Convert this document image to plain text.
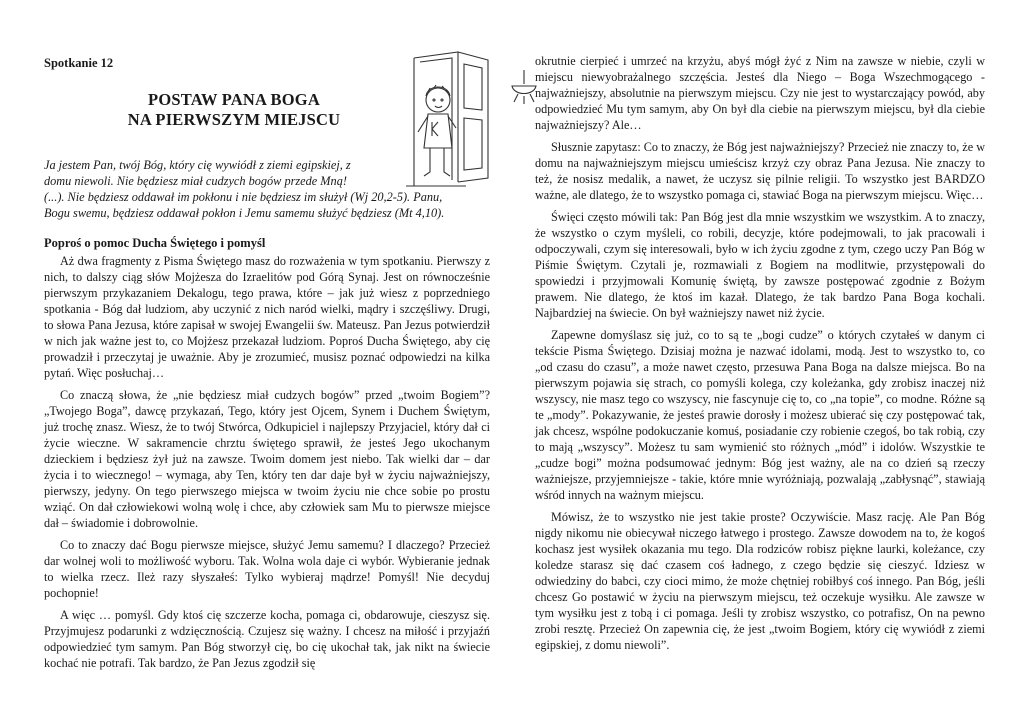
Spotkanie 12
POSTAW PANA BOGA
NA PIERWSZYM MIEJSCU
Ja jestem Pan, twój Bóg, który cię wywiódł z ziemi egipskiej, z
domu niewoli. Nie będziesz miał cudzych bogów przede Mną!
(...). Nie będziesz oddawał im pokłonu i nie będziesz im służył (Wj 20,2-5). Panu,
Bogu swemu, będziesz oddawał pokłon i Jemu samemu służyć będziesz (Mt 4,10).
Poproś o pomoc Ducha Świętego i pomyśl

Aż dwa fragmenty z Pisma Świętego masz do rozważenia w tym spotkaniu. Pierwszy z nich, to dalszy ciąg słów Mojżesza do Izraelitów pod Górą Synaj. Jest on równocześnie pierwszym przykazaniem Dekalogu, tego prawa, które – jak już wiesz z poprzedniego spotkania - Bóg dał ludziom, aby uczynić z nich naród wielki, mądry i szczęśliwy. Drugi, to słowa Pana Jezusa, które zapisał w swojej Ewangelii św. Mateusz. Pan Jezus potwierdził w nich jak ważne jest to, co Mojżesz przekazał ludziom. Poproś Ducha Świętego, aby cię prowadził i przeczytaj je uważnie. Aby je zrozumieć, musisz poznać odpowiedzi na kilka pytań. Więc posłuchaj…

Co znaczą słowa, że „nie będziesz miał cudzych bogów” przed „twoim Bogiem”? „Twojego Boga”, dawcę przykazań, Tego, który jest Ojcem, Synem i Duchem Świętym, już trochę znasz. Wiesz, że to twój Stwórca, Odkupiciel i najlepszy Przyjaciel, który dał ci życie wieczne. W sakramencie chrztu świętego sprawił, że jesteś Jego ukochanym dzieckiem i będziesz żył już na zawsze. Twoim domem jest niebo. Tak wielki dar – dar życia i to wiecznego! – wymaga, aby Ten, który ten dar daje był w życiu najważniejszy, pierwszy, jedyny. On tego pierwszego miejsca w twoim życiu nie chce sobie po prostu wziąć. On dał człowiekowi wolną wolę i chce, aby człowiek sam Mu to pierwsze miejsce dał – świadomie i dobrowolnie.

Co to znaczy dać Bogu pierwsze miejsce, służyć Jemu samemu? I dlaczego? Przecież dar wolnej woli to możliwość wyboru. Tak. Wolna wola daje ci wybór. Wybieranie jednak to wielka rzecz. Ileż razy słyszałeś: Tylko wybieraj mądrze! Pomyśl! Nie decyduj pochopnie!

A więc … pomyśl. Gdy ktoś cię szczerze kocha, pomaga ci, obdarowuje, cieszysz się. Przyjmujesz podarunki z wdzięcznością. Czujesz się ważny. I chcesz na miłość i przyjaźń odpowiedzieć tym samym. Pan Bóg stworzył cię, bo cię ukochał tak, jak nikt na świecie kochać nie potrafi. Tak bardzo, że Pan Jezus zgodził się

okrutnie cierpieć i umrzeć na krzyżu, abyś mógł żyć z Nim na zawsze w niebie, czyli w miejscu niewyobrażalnego szczęścia. Jesteś dla Niego – Boga Wszechmogącego - najważniejszy, absolutnie na pierwszym miejscu. Czy nie jest to wystarczający powód, aby odpowiedzieć Mu tym samym, aby On był dla ciebie na pierwszym miejscu, był dla ciebie najważniejszy? Ale…

Słusznie zapytasz: Co to znaczy, że Bóg jest najważniejszy? Przecież nie znaczy to, że w domu na najważniejszym miejscu umieścisz krzyż czy obraz Pana Jezusa. Nie znaczy to też, że nosisz medalik, a nawet, że uczysz się pilnie religii. To wszystko jest BARDZO ważne, ale dlatego, że to wszystko pomaga ci, stawiać Boga na pierwszym miejscu. Więc…

Święci często mówili tak: Pan Bóg jest dla mnie wszystkim we wszystkim. A to znaczy, że wszystko o czym myśleli, co robili, decyzje, które podejmowali, to jak pracowali i odpoczywali, czym się interesowali, było w ich życiu zgodne z tym, czego uczy Pan Bóg w Piśmie Świętym. Czytali je, rozmawiali z Bogiem na modlitwie, przystępowali do spowiedzi i przyjmowali Komunię świętą, by zawsze postępować zgodnie z Bożym prawem. Nie dlatego, że ktoś im kazał. Dlatego, że tak bardzo Pana Boga kochali. Najbardziej na świecie. On był ważniejszy nawet niż życie.

Zapewne domyślasz się już, co to są te „bogi cudze” o których czytałeś w danym ci tekście Pisma Świętego. Dzisiaj można je nazwać idolami, modą. Jest to wszystko to, co „od czasu do czasu”, a może nawet często, przesuwa Pana Boga na dalsze miejsca. Bo na pierwszym pojawia się strach, co pomyśli kolega, czy koleżanka, gdy zrobisz inaczej niż wszyscy, nie masz tego co wszyscy, nie fascynuje cię to, co „na topie”, co modne. Różne są te „mody”. Pokazywanie, że jesteś prawie dorosły i możesz ubierać się czy postępować tak, jak chcesz, wspólne podokuczanie komuś, posiadanie czy robienie czegoś, bo tak robią, czy to mają „wszyscy”. Możesz tu sam wymienić sto różnych „mód” i idolów. Wszystkie te „cudze bogi” można podsumować jednym: Bóg jest ważny, ale na co dzień są rzeczy ważniejsze, przyjemniejsze - takie, które mnie wyróżniają, pozwalają „zabłysnąć”, stawiają wśród innych na ważnym miejscu.

Mówisz, że to wszystko nie jest takie proste? Oczywiście. Masz rację. Ale Pan Bóg nigdy nikomu nie obiecywał niczego łatwego i prostego. Zawsze dowodem na to, że kogoś kochasz jest wysiłek okazania mu tego. Dla rodziców robisz piękne laurki, koleżance, czy koledze starasz się dać czasem coś ładnego, z czego będzie się cieszyć. Idziesz w odwiedziny do babci, czy cioci mimo, że może chętniej robiłbyś coś innego. Pan Bóg, jeśli chcesz Go postawić w życiu na pierwszym miejscu, też oczekuje wysiłku. Ale zawsze w tym wysiłku jest z tobą i ci pomaga. Jeśli ty zrobisz wszystko, co potrafisz, On na pewno zrobi resztę. Przecież On zapewnia cię, że jest „twoim Bogiem, który cię wywiódł z ziemi egipskiej, z domu niewoli”.
